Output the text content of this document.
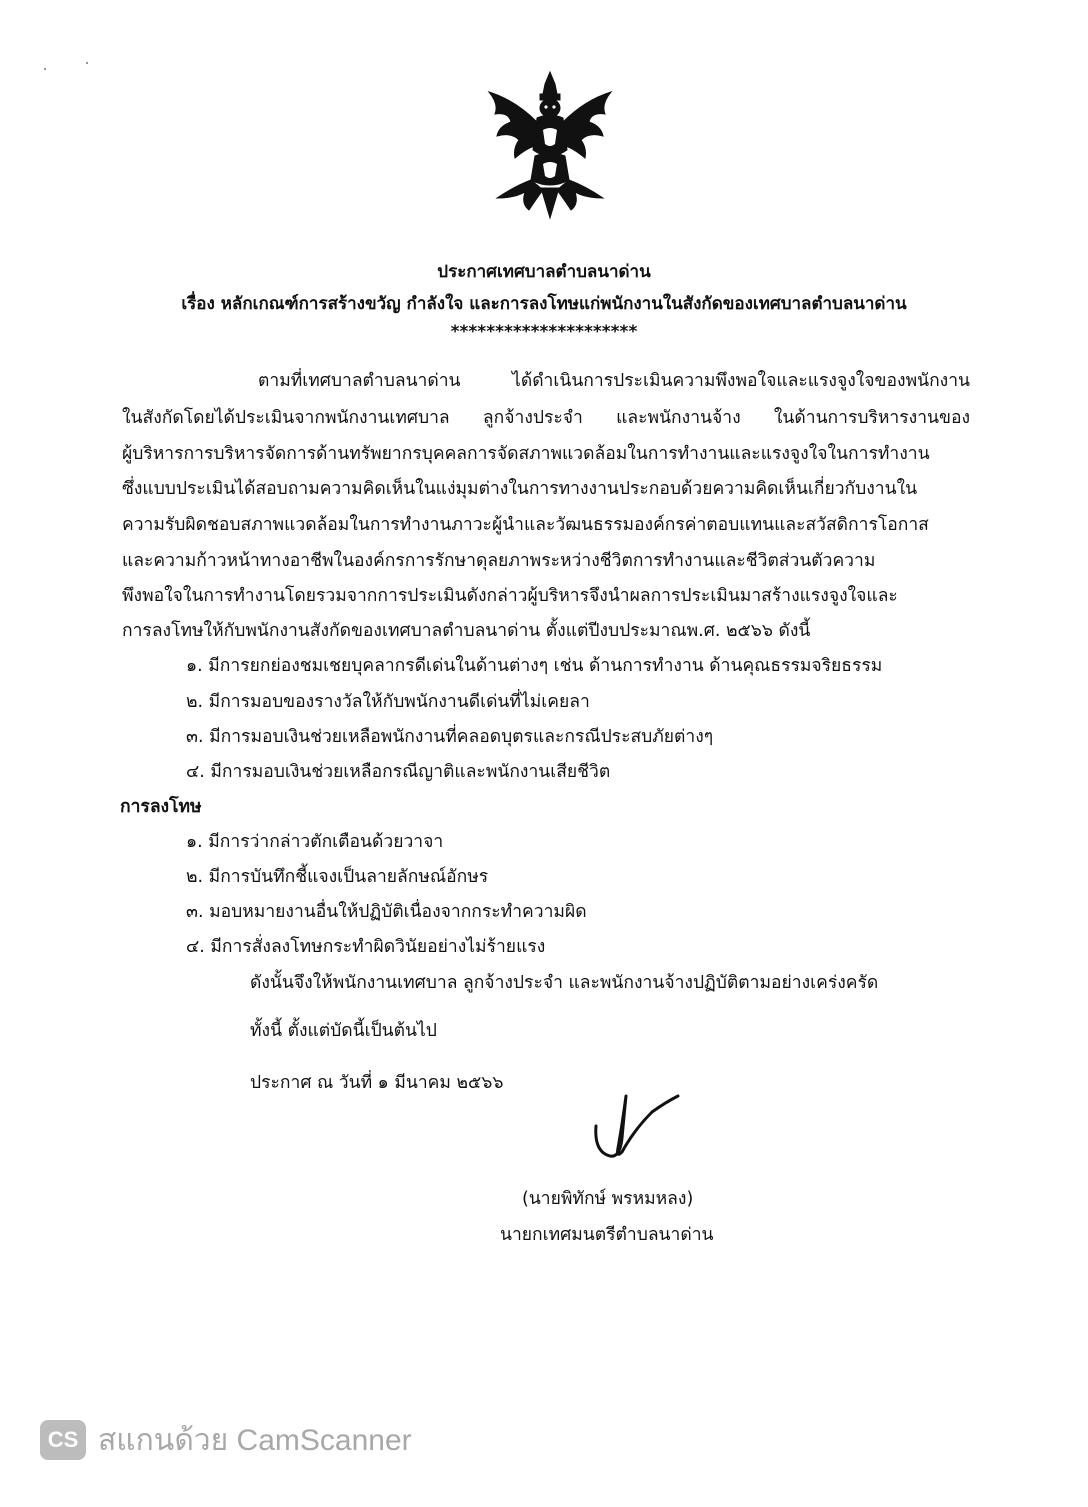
ประกาศเทศบาลตำบลนาด่าน
เรื่อง หลักเกณฑ์การสร้างขวัญ กำลังใจ และการลงโทษแก่พนักงานในสังกัดของเทศบาลตำบลนาด่าน
*********************
ตามที่เทศบาลตำบลนาด่าน ได้ดำเนินการประเมินความพึงพอใจและแรงจูงใจของพนักงาน
ในสังกัดโดยได้ประเมินจากพนักงานเทศบาล ลูกจ้างประจำ และพนักงานจ้าง ในด้านการบริหารงานของ
ผู้บริหารการบริหารจัดการด้านทรัพยากรบุคคลการจัดสภาพแวดล้อมในการทำงานและแรงจูงใจในการทำงาน
ซึ่งแบบประเมินได้สอบถามความคิดเห็นในแง่มุมต่างในการทางงานประกอบด้วยความคิดเห็นเกี่ยวกับงานใน
ความรับผิดชอบสภาพแวดล้อมในการทำงานภาวะผู้นำและวัฒนธรรมองค์กรค่าตอบแทนและสวัสดิการโอกาส
และความก้าวหน้าทางอาชีพในองค์กรการรักษาดุลยภาพระหว่างชีวิตการทำงานและชีวิตส่วนตัวความ
พึงพอใจในการทำงานโดยรวมจากการประเมินดังกล่าวผู้บริหารจึงนำผลการประเมินมาสร้างแรงจูงใจและ
การลงโทษให้กับพนักงานสังกัดของเทศบาลตำบลนาด่าน ตั้งแต่ปีงบประมาณพ.ศ. ๒๕๖๖ ดังนี้
๑. มีการยกย่องชมเชยบุคลากรดีเด่นในด้านต่างๆ เช่น ด้านการทำงาน ด้านคุณธรรมจริยธรรม
๒. มีการมอบของรางวัลให้กับพนักงานดีเด่นที่ไม่เคยลา
๓. มีการมอบเงินช่วยเหลือพนักงานที่คลอดบุตรและกรณีประสบภัยต่างๆ
๔. มีการมอบเงินช่วยเหลือกรณีญาติและพนักงานเสียชีวิต
การลงโทษ
๑. มีการว่ากล่าวตักเตือนด้วยวาจา
๒. มีการบันทึกชี้แจงเป็นลายลักษณ์อักษร
๓. มอบหมายงานอื่นให้ปฏิบัติเนื่องจากกระทำความผิด
๔. มีการสั่งลงโทษกระทำผิดวินัยอย่างไม่ร้ายแรง
ดังนั้นจึงให้พนักงานเทศบาล ลูกจ้างประจำ และพนักงานจ้างปฏิบัติตามอย่างเคร่งครัด
ทั้งนี้ ตั้งแต่บัดนี้เป็นต้นไป
ประกาศ ณ วันที่ ๑ มีนาคม ๒๕๖๖
(นายพิทักษ์ พรหมหลง)
นายกเทศมนตรีตำบลนาด่าน
CS สแกนด้วย CamScanner
